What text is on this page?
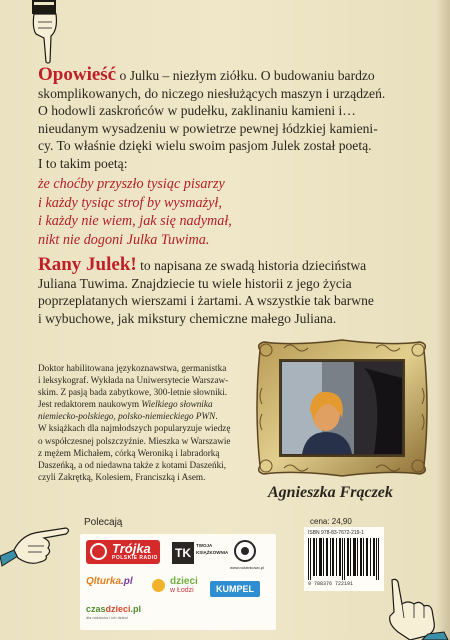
Opowieść o Julku – niezłym ziółku. O budowaniu bardzo
skomplikowanych, do niczego niesłużących maszyn i urządzeń.
O hodowli zaskrońców w pudełku, zaklinaniu kamieni i…
nieudanym wysadzeniu w powietrze pewnej łódzkiej kamieni-
cy. To właśnie dzięki wielu swoim pasjom Julek został poetą.
I to takim poetą:
że choćby przyszło tysiąc pisarzy
i każdy tysiąc strof by wysmażył,
i każdy nie wiem, jak się nadymał,
nikt nie dogoni Julka Tuwima.
Rany Julek! to napisana ze swadą historia dzieciństwa
Juliana Tuwima. Znajdziecie tu wiele historii z jego życia
poprzeplatanych wierszami i żartami. A wszystkie tak barwne
i wybuchowe, jak mikstury chemiczne małego Juliana.

Doktor habilitowana językoznawstwa, germanistka
i leksykograf. Wykłada na Uniwersytecie Warszaw-
skim. Z pasją bada zabytkowe, 300-letnie słowniki.
Jest redaktorem naukowym Wielkiego słownika
niemiecko-polskiego, polsko-niemieckiego PWN.

W książkach dla najmłodszych popularyzuje wiedzę
o współczesnej polszczyźnie. Mieszka w Warszawie
z mężem Michałem, córką Weroniką i labradorką
Daszeńką, a od niedawna także z kotami Daszeńki,
czyli Zakrętką, Kolesiem, Franciszką i Asem.

Agnieszka Frączek
Polecają
Trójka
POLSKIE RADIO TK
TWOJA KSIĄŻKOWNIA
www.rodzinkowo.pl
Qlturka.pl	dzieci
w Łodzi	KUMPEL
czasdzieci.pl
dla rodziców i ich dzieci
cena: 24,90
ISBN 978-83-7672-219-1
9 788376 722191
